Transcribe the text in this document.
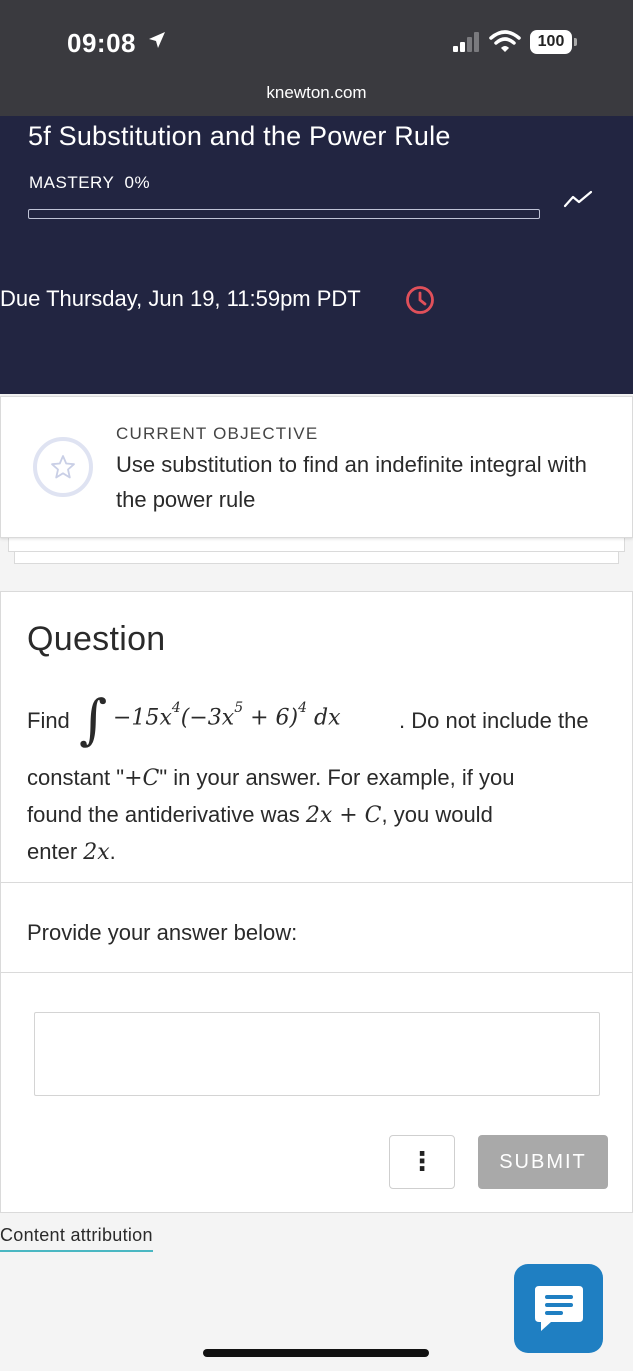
09:08	100
knewton.com
5f Substitution and the Power Rule
MASTERY  0%
Due Thursday, Jun 19, 11:59pm PDT
CURRENT OBJECTIVE
Use substitution to find an indefinite integral with the power rule
Question
Find ∫ $-15x^4(-3x^5 + 6)^4$ dx	. Do not include the
constant "+C" in your answer. For example, if you
found the antiderivative was 2x + C, you would
enter 2x.
Provide your answer below:
⋮	SUBMIT
Content attribution
